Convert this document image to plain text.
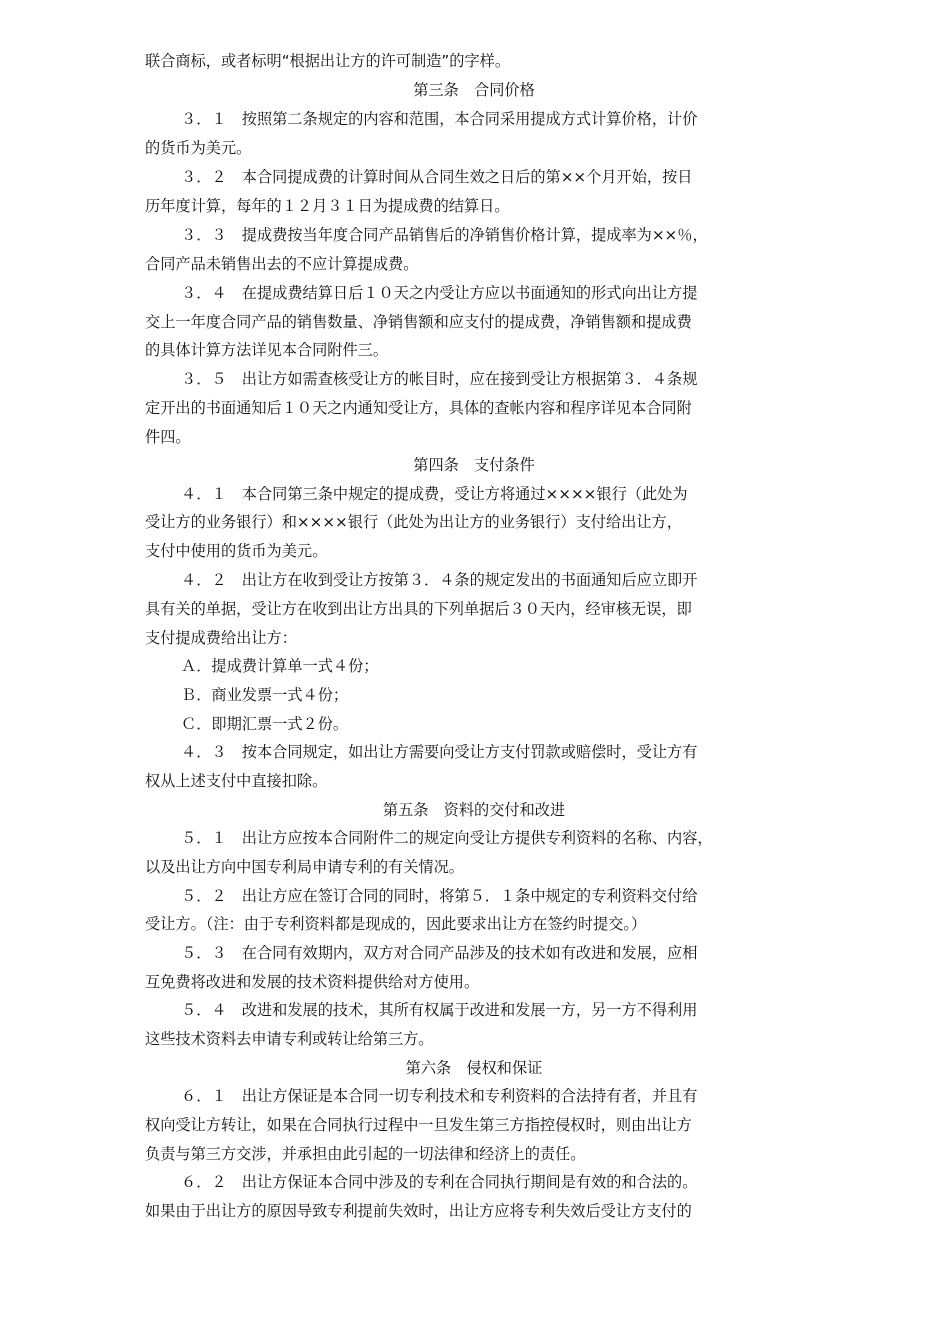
联合商标，或者标明“根据出让方的许可制造”的字样。
第三条　合同价格
３．１　按照第二条规定的内容和范围，本合同采用提成方式计算价格，计价
的货币为美元。
３．２　本合同提成费的计算时间从合同生效之日后的第××个月开始，按日
历年度计算，每年的１２月３１日为提成费的结算日。
３．３　提成费按当年度合同产品销售后的净销售价格计算，提成率为××％，
合同产品未销售出去的不应计算提成费。
３．４　在提成费结算日后１０天之内受让方应以书面通知的形式向出让方提
交上一年度合同产品的销售数量、净销售额和应支付的提成费，净销售额和提成费
的具体计算方法详见本合同附件三。
３．５　出让方如需查核受让方的帐目时，应在接到受让方根据第３．４条规
定开出的书面通知后１０天之内通知受让方，具体的查帐内容和程序详见本合同附
件四。
第四条　支付条件
４．１　本合同第三条中规定的提成费，受让方将通过××××银行（此处为
受让方的业务银行）和××××银行（此处为出让方的业务银行）支付给出让方，
支付中使用的货币为美元。
４．２　出让方在收到受让方按第３．４条的规定发出的书面通知后应立即开
具有关的单据，受让方在收到出让方出具的下列单据后３０天内，经审核无误，即
支付提成费给出让方：
Ａ．提成费计算单一式４份；
Ｂ．商业发票一式４份；
Ｃ．即期汇票一式２份。
４．３　按本合同规定，如出让方需要向受让方支付罚款或赔偿时，受让方有
权从上述支付中直接扣除。
第五条　资料的交付和改进
５．１　出让方应按本合同附件二的规定向受让方提供专利资料的名称、内容，
以及出让方向中国专利局申请专利的有关情况。
５．２　出让方应在签订合同的同时，将第５．１条中规定的专利资料交付给
受让方。（注：由于专利资料都是现成的，因此要求出让方在签约时提交。）
５．３　在合同有效期内，双方对合同产品涉及的技术如有改进和发展，应相
互免费将改进和发展的技术资料提供给对方使用。
５．４　改进和发展的技术，其所有权属于改进和发展一方，另一方不得利用
这些技术资料去申请专利或转让给第三方。
第六条　侵权和保证
６．１　出让方保证是本合同一切专利技术和专利资料的合法持有者，并且有
权向受让方转让，如果在合同执行过程中一旦发生第三方指控侵权时，则由出让方
负责与第三方交涉，并承担由此引起的一切法律和经济上的责任。
６．２　出让方保证本合同中涉及的专利在合同执行期间是有效的和合法的。
如果由于出让方的原因导致专利提前失效时，出让方应将专利失效后受让方支付的
